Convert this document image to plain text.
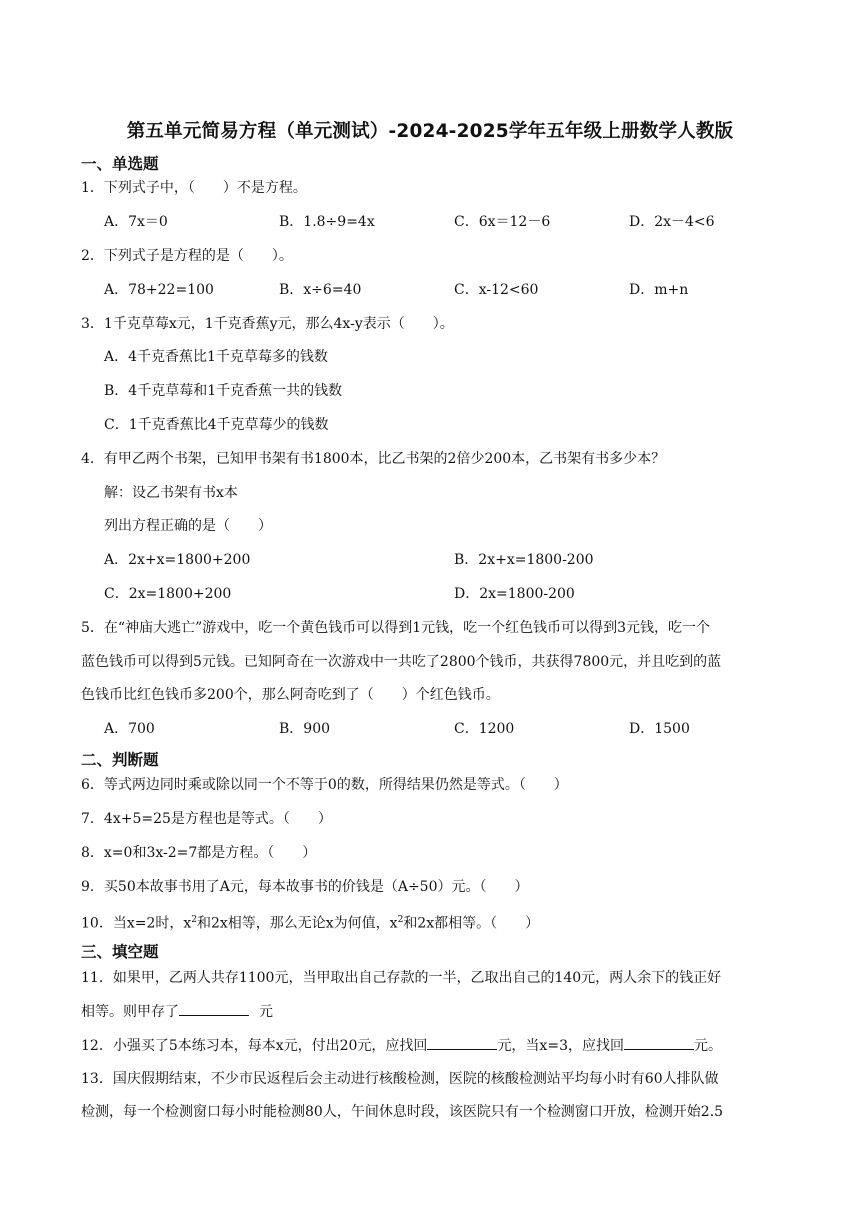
第五单元简易方程（单元测试）-2024-2025学年五年级上册数学人教版
一、单选题
1．下列式子中，（　　）不是方程。
A．7x＝0	B．1.8÷9=4x	C．6x＝12－6	D．2x－4<6
2．下列式子是方程的是（　　）。
A．78+22=100	B．x÷6=40	C．x-12<60	D．m+n
3．1千克草莓x元，1千克香蕉y元，那么4x-y表示（　　）。
A．4千克香蕉比1千克草莓多的钱数
B．4千克草莓和1千克香蕉一共的钱数
C．1千克香蕉比4千克草莓少的钱数
4．有甲乙两个书架，已知甲书架有书1800本，比乙书架的2倍少200本，乙书架有书多少本？
解：设乙书架有书x本
列出方程正确的是（　　）
A．2x+x=1800+200	B．2x+x=1800-200
C．2x=1800+200	D．2x=1800-200
5．在“神庙大逃亡”游戏中，吃一个黄色钱币可以得到1元钱，吃一个红色钱币可以得到3元钱，吃一个
蓝色钱币可以得到5元钱。已知阿奇在一次游戏中一共吃了2800个钱币，共获得7800元，并且吃到的蓝
色钱币比红色钱币多200个，那么阿奇吃到了（　　）个红色钱币。
A．700	B．900	C．1200	D．1500
二、判断题
6．等式两边同时乘或除以同一个不等于0的数，所得结果仍然是等式。（　　）
7．4x+5=25是方程也是等式。（　　）
8．x=0和3x-2=7都是方程。（　　）
9．买50本故事书用了A元，每本故事书的价钱是（A÷50）元。（　　）
10．当x=2时，$x^2$和2x相等，那么无论x为何值，$x^2$和2x都相等。（　　）
三、填空题
11．如果甲，乙两人共存1100元，当甲取出自己存款的一半，乙取出自己的140元，两人余下的钱正好
相等。则甲存了	元
12．小强买了5本练习本，每本x元，付出20元，应找回	元，当x=3，应找回	元。
13．国庆假期结束，不少市民返程后会主动进行核酸检测，医院的核酸检测站平均每小时有60人排队做
检测，每一个检测窗口每小时能检测80人，午间休息时段，该医院只有一个检测窗口开放，检测开始2.5
